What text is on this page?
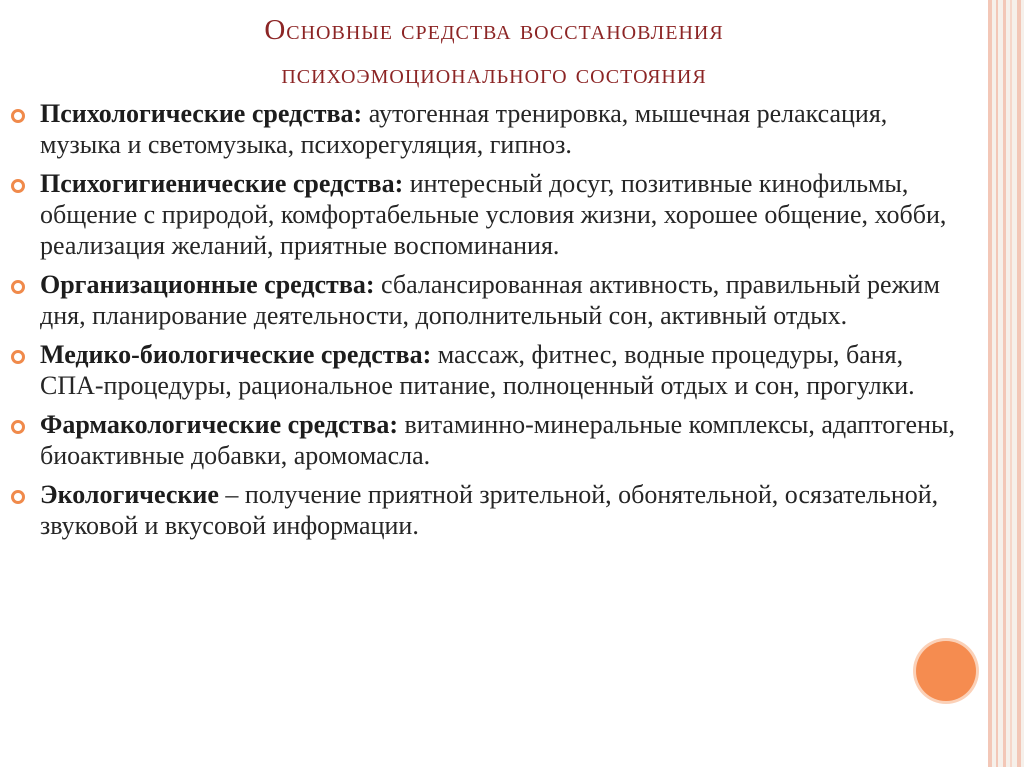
Основные средства восстановления
психоэмоционального состояния
Психологические средства: аутогенная тренировка, мышечная релаксация, музыка и светомузыка, психорегуляция, гипноз.
Психогигиенические средства: интересный досуг, позитивные кинофильмы, общение с природой, комфортабельные условия жизни, хорошее общение, хобби, реализация желаний, приятные воспоминания.
Организационные средства: сбалансированная активность, правильный режим дня, планирование деятельности, дополнительный сон, активный отдых.
Медико-биологические средства: массаж, фитнес, водные процедуры, баня, СПА-процедуры, рациональное питание, полноценный отдых и сон, прогулки.
Фармакологические средства: витаминно-минеральные комплексы, адаптогены, биоактивные добавки, аромомасла.
Экологические – получение приятной зрительной, обонятельной, осязательной, звуковой и вкусовой информации.
